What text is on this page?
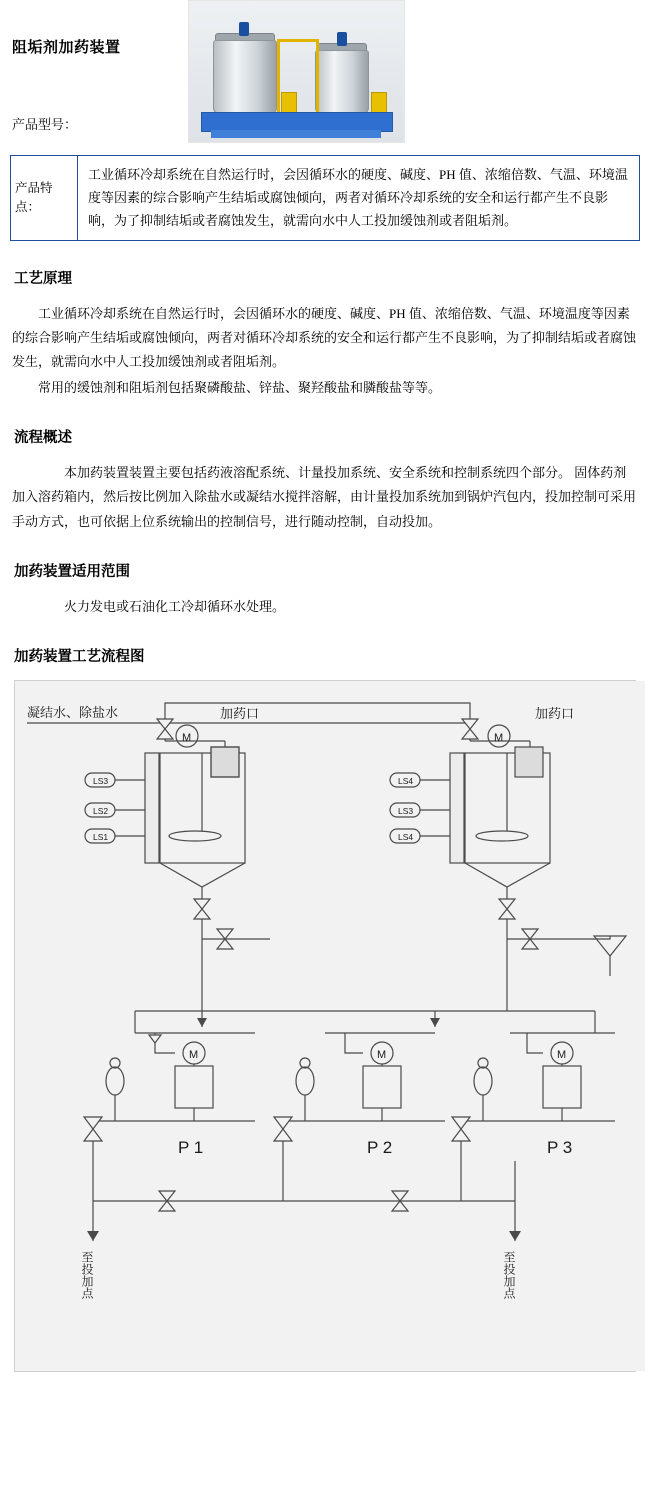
阻垢剂加药装置
产品型号：
产品特点：
工业循环冷却系统在自然运行时，会因循环水的硬度、碱度、PH 值、浓缩倍数、气温、环境温度等因素的综合影响产生结垢或腐蚀倾向，两者对循环冷却系统的安全和运行都产生不良影响，为了抑制结垢或者腐蚀发生，就需向水中人工投加缓蚀剂或者阻垢剂。
工艺原理

工业循环冷却系统在自然运行时，会因循环水的硬度、碱度、PH 值、浓缩倍数、气温、环境温度等因素的综合影响产生结垢或腐蚀倾向，两者对循环冷却系统的安全和运行都产生不良影响，为了抑制结垢或者腐蚀发生，就需向水中人工投加缓蚀剂或者阻垢剂。

常用的缓蚀剂和阻垢剂包括聚磷酸盐、锌盐、聚羟酸盐和膦酸盐等等。

流程概述

本加药装置装置主要包括药液溶配系统、计量投加系统、安全系统和控制系统四个部分。 固体药剂加入溶药箱内，然后按比例加入除盐水或凝结水搅拌溶解，由计量投加系统加到锅炉汽包内，投加控制可采用手动方式，也可依据上位系统输出的控制信号，进行随动控制，自动投加。

加药装置适用范围

火力发电或石油化工冷却循环水处理。

加药装置工艺流程图
凝结水、除盐水	加药口	加药口
M	M
LS3
LS2
LS1
LS4
LS3
LS4
M	M	M
P 1	P 2	P 3
至投加点	至投加点
